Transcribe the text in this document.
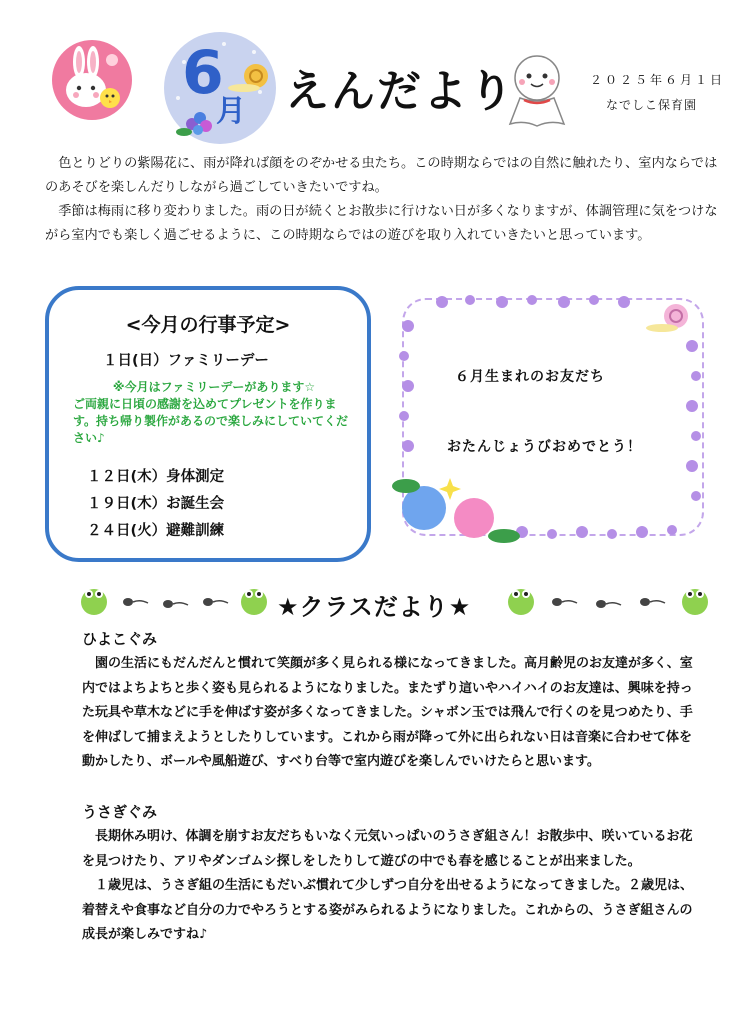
6
月 えんだより	２０２５年６月１日
なでしこ保育園

色とりどりの紫陽花に、雨が降れば顔をのぞかせる虫たち。この時期ならではの自然に触れたり、室内ならではのあそびを楽しんだりしながら過ごしていきたいですね。

季節は梅雨に移り変わりました。雨の日が続くとお散歩に行けない日が多くなりますが、体調管理に気をつけながら室内でも楽しく過ごせるように、この時期ならではの遊びを取り入れていきたいと思っています。

<今月の行事予定>
１日(日）ファミリーデー
※今月はファミリーデーがあります☆
ご両親に日頃の感謝を込めてプレゼントを作ります。持ち帰り製作があるので楽しみにしていてください♪
１２日(木）身体測定
１９日(木）お誕生会
２４日(火）避難訓練
６月生まれのお友だち
おたんじょうびおめでとう！
★クラスだより★
ひよこぐみ

園の生活にもだんだんと慣れて笑顔が多く見られる様になってきました。高月齢児のお友達が多く、室内ではよちよちと歩く姿も見られるようになりました。またずり這いやハイハイのお友達は、興味を持った玩具や草木などに手を伸ばす姿が多くなってきました。シャボン玉では飛んで行くのを見つめたり、手を伸ばして捕まえようとしたりしています。これから雨が降って外に出られない日は音楽に合わせて体を動かしたり、ボールや風船遊び、すべり台等で室内遊びを楽しんでいけたらと思います。

うさぎぐみ

長期休み明け、体調を崩すお友だちもいなく元気いっぱいのうさぎ組さん！お散歩中、咲いているお花を見つけたり、アリやダンゴムシ探しをしたりして遊びの中でも春を感じることが出来ました。

１歳児は、うさぎ組の生活にもだいぶ慣れて少しずつ自分を出せるようになってきました。２歳児は、着替えや食事など自分の力でやろうとする姿がみられるようになりました。これからの、うさぎ組さんの成長が楽しみですね♪
